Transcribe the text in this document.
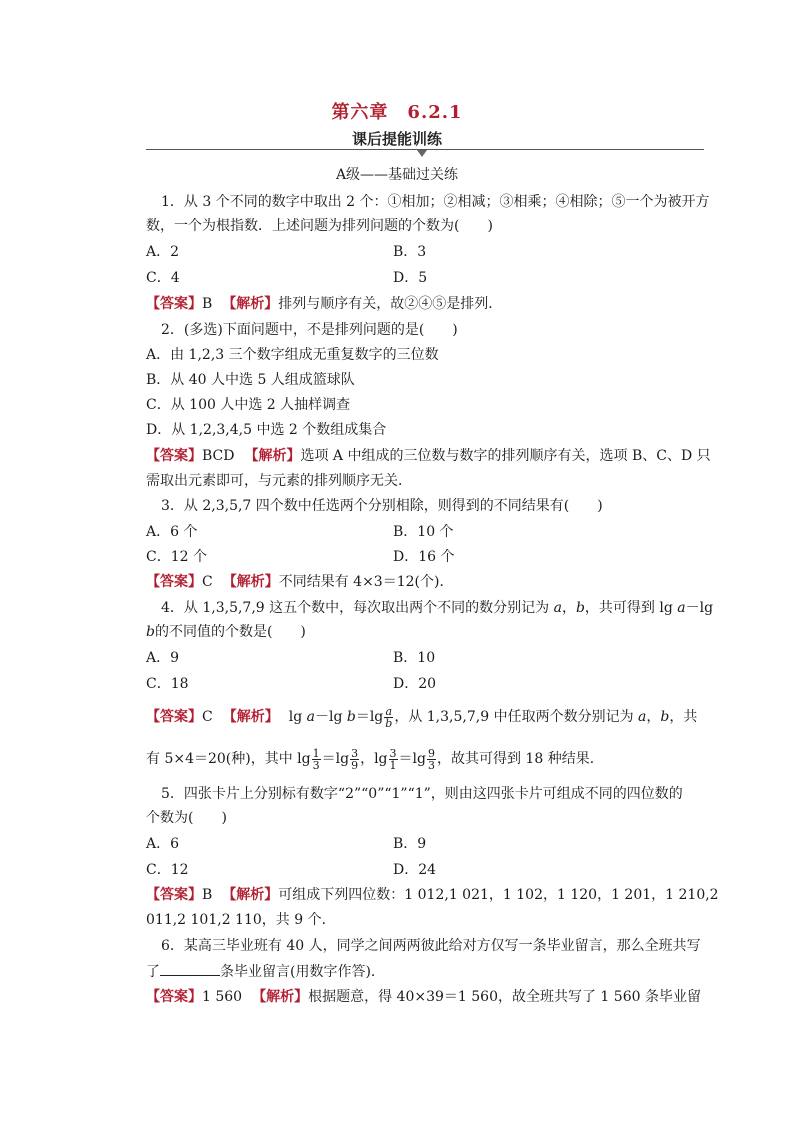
第六章　6.2.1
课后提能训练
A级——基础过关练
1．从 3 个不同的数字中取出 2 个：①相加；②相减；③相乘；④相除；⑤一个为被开方
数，一个为根指数．上述问题为排列问题的个数为(　　)
A．2	B．3
C．4	D．5
【答案】B 【解析】排列与顺序有关，故②④⑤是排列．
2．(多选)下面问题中，不是排列问题的是(　　)
A．由 1,2,3 三个数字组成无重复数字的三位数
B．从 40 人中选 5 人组成篮球队
C．从 100 人中选 2 人抽样调查
D．从 1,2,3,4,5 中选 2 个数组成集合
【答案】BCD 【解析】选项 A 中组成的三位数与数字的排列顺序有关，选项 B、C、D 只
需取出元素即可，与元素的排列顺序无关．
3．从 2,3,5,7 四个数中任选两个分别相除，则得到的不同结果有(　　)
A．6 个	B．10 个
C．12 个	D．16 个
【答案】C 【解析】不同结果有 4×3＝12(个)．
4．从 1,3,5,7,9 这五个数中，每次取出两个不同的数分别记为 a，b，共可得到 lg a－lg
b的不同值的个数是(　　)
A．9	B．10
C．18	D．20
【答案】C 【解析】 lg a－lg $b=\lg \frac{a}{b}$ ，从 1,3,5,7,9 中任取两个数分别记为 a，b，共
有 5×4＝20(种)，其中 $\lg \frac{1}{3} =\lg \frac{3}{9}$ ，$\lg \frac{3}{1} =\lg \frac{9}{3}$ ，故其可得到 18 种结果．
5．四张卡片上分别标有数字“2”“0”“1”“1”，则由这四张卡片可组成不同的四位数的
个数为(　　)
A．6	B．9
C．12	D．24
【答案】B 【解析】可组成下列四位数：1 012,1 021，1 102，1 120，1 201，1 210,2
011,2 101,2 110，共 9 个．
6．某高三毕业班有 40 人，同学之间两两彼此给对方仅写一条毕业留言，那么全班共写
了	条毕业留言(用数字作答)．
【答案】1 560 【解析】根据题意，得 40×39＝1 560，故全班共写了 1 560 条毕业留
